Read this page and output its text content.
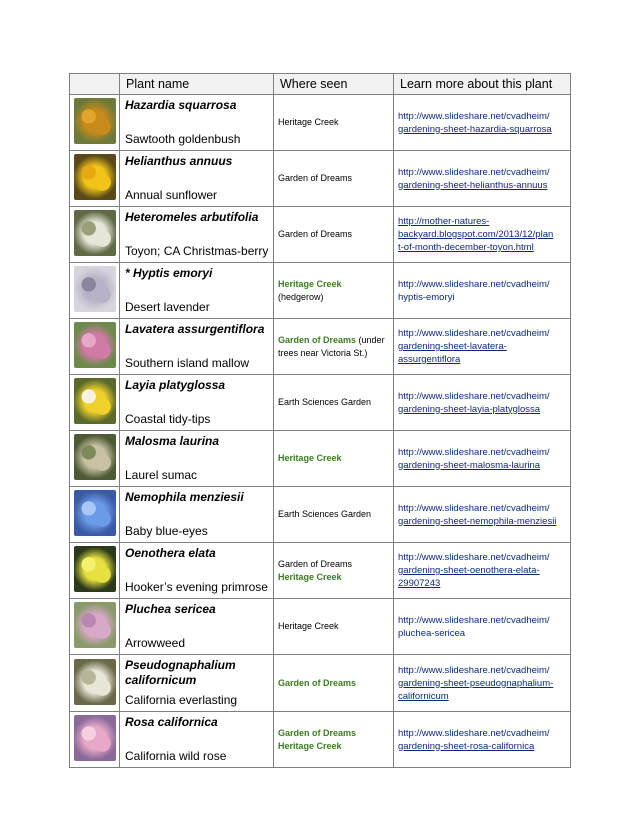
	Plant name	Where seen	Learn more about this plant

	Hazardia squarrosa
Sawtooth goldenbush	Heritage Creek	http://www.slideshare.net/cvadheim/
gardening-sheet-hazardia-squarrosa

	Helianthus annuus
Annual sunflower	Garden of Dreams	http://www.slideshare.net/cvadheim/
gardening-sheet-helianthus-annuus

	Heteromeles arbutifolia
Toyon; CA Christmas-berry	Garden of Dreams	http://mother-natures-
backyard.blogspot.com/2013/12/plan
t-of-month-december-toyon.html

	* Hyptis emoryi
Desert lavender	Heritage Creek
(hedgerow)	http://www.slideshare.net/cvadheim/
hyptis-emoryi

	Lavatera assurgentiflora
Southern island mallow	Garden of Dreams (under trees near Victoria St.)	http://www.slideshare.net/cvadheim/
gardening-sheet-lavatera-
assurgentiflora

	Layia platyglossa
Coastal tidy-tips	Earth Sciences Garden	http://www.slideshare.net/cvadheim/
gardening-sheet-layia-platyglossa

	Malosma laurina
Laurel sumac	Heritage Creek	http://www.slideshare.net/cvadheim/
gardening-sheet-malosma-laurina

	Nemophila menziesii
Baby blue-eyes	Earth Sciences Garden	http://www.slideshare.net/cvadheim/
gardening-sheet-nemophila-menziesii

	Oenothera elata
Hooker’s evening primrose	Garden of Dreams
Heritage Creek	http://www.slideshare.net/cvadheim/
gardening-sheet-oenothera-elata-
29907243

	Pluchea sericea
Arrowweed	Heritage Creek	http://www.slideshare.net/cvadheim/
pluchea-sericea

	Pseudognaphalium californicum
California everlasting	Garden of Dreams	http://www.slideshare.net/cvadheim/
gardening-sheet-pseudognaphalium-
californicum

	Rosa californica
California wild rose	Garden of Dreams
Heritage Creek	http://www.slideshare.net/cvadheim/
gardening-sheet-rosa-californica
